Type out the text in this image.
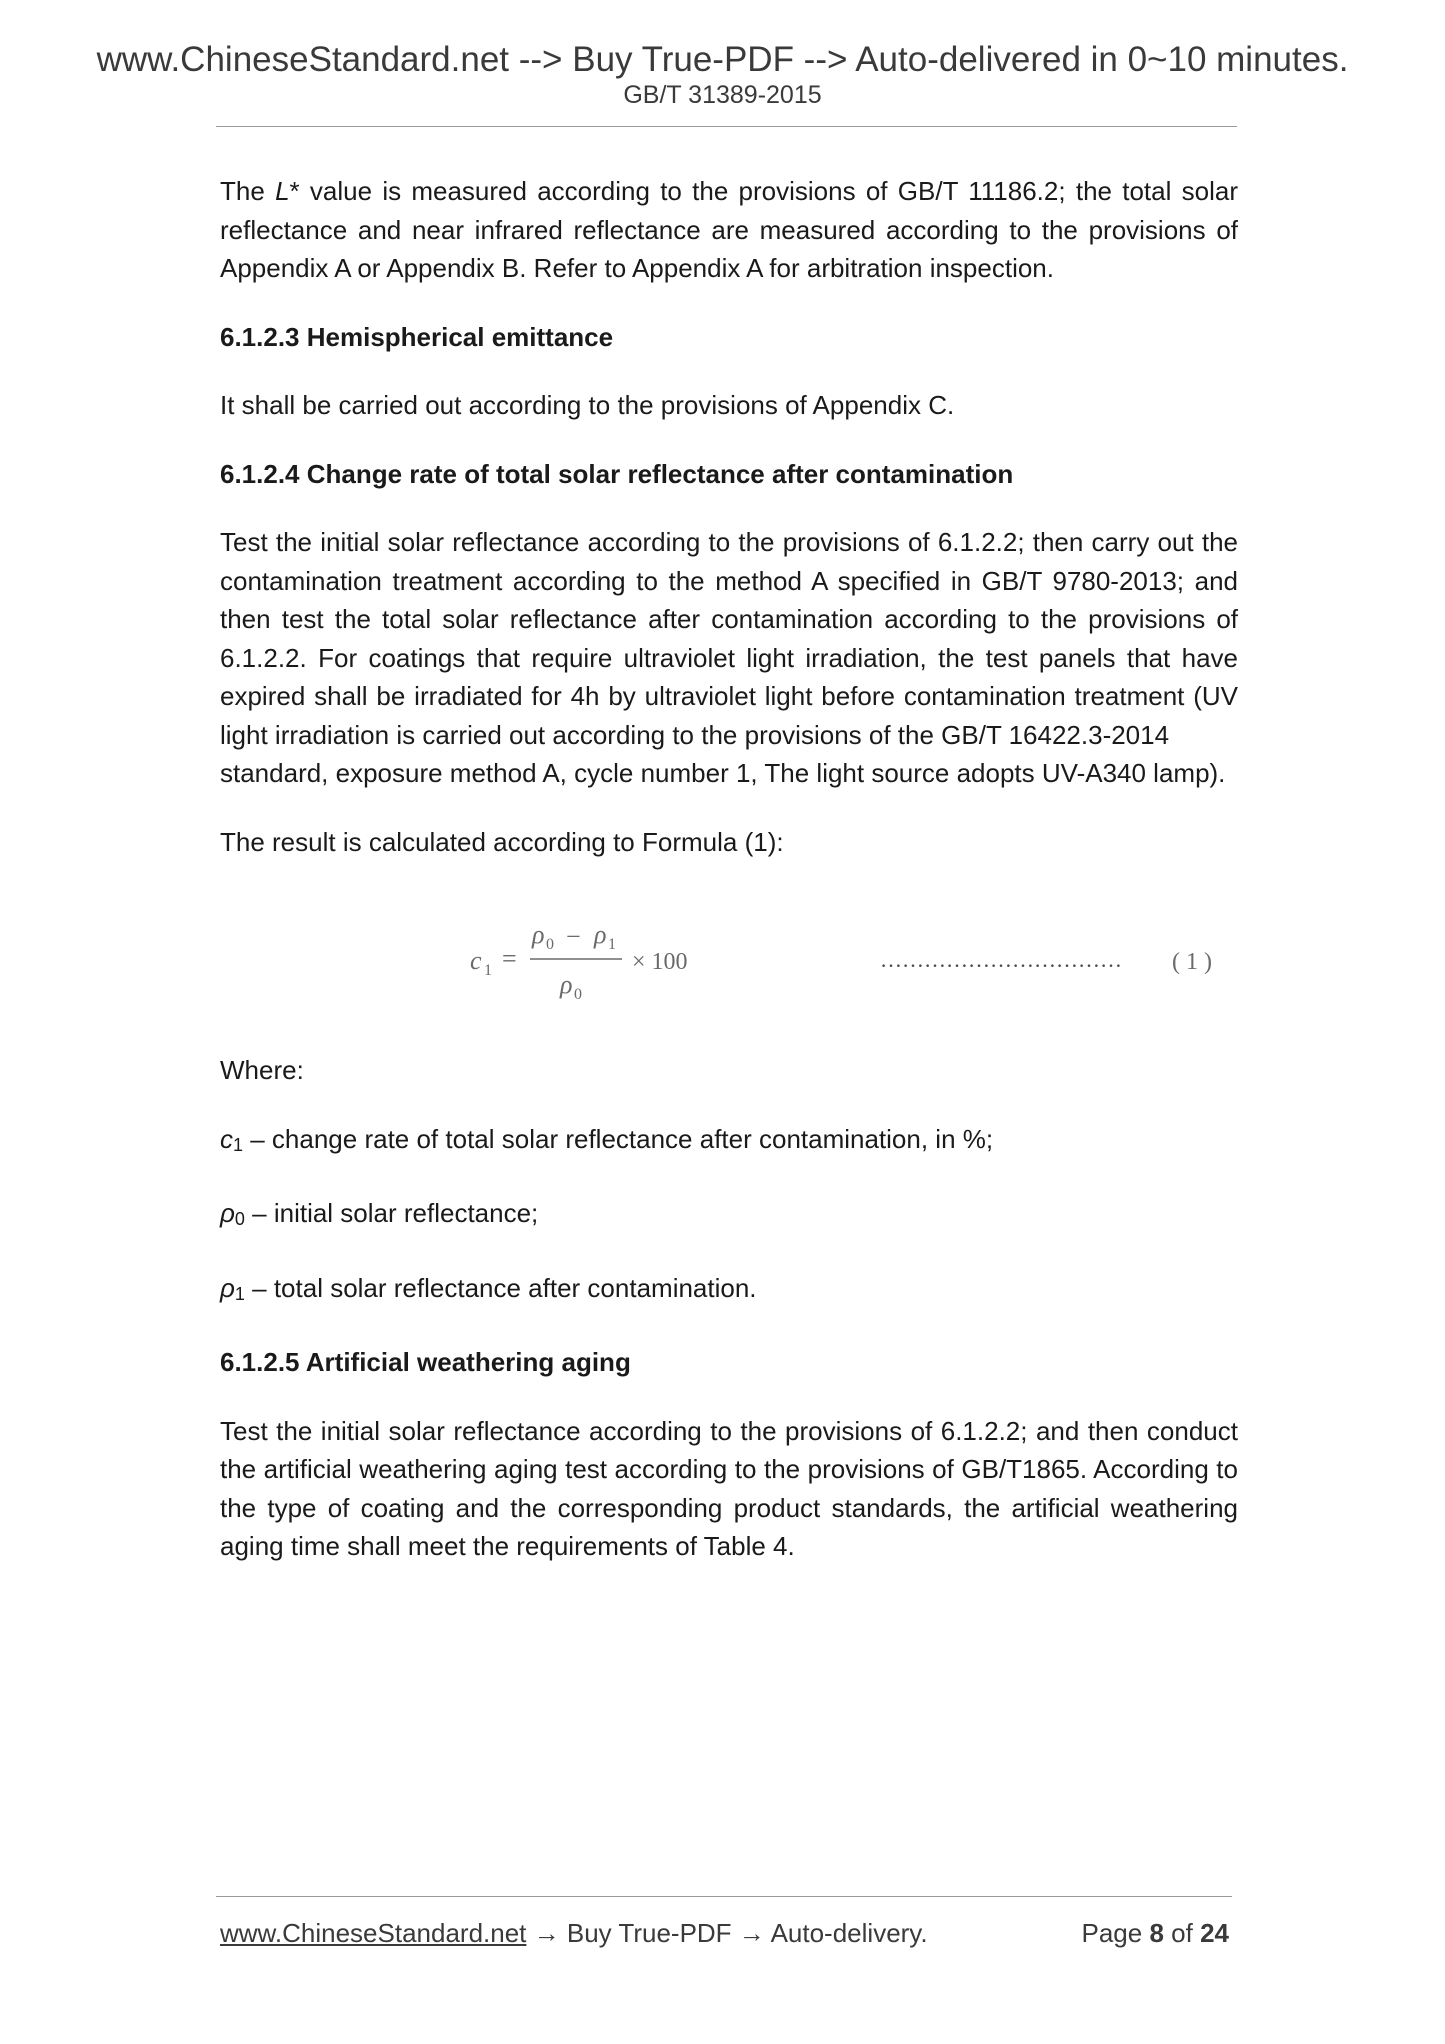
www.ChineseStandard.net --> Buy True-PDF --> Auto-delivered in 0~10 minutes.
GB/T 31389-2015

The L* value is measured according to the provisions of GB/T 11186.2; the total solar reflectance and near infrared reflectance are measured according to the provisions of Appendix A or Appendix B. Refer to Appendix A for arbitration inspection.

6.1.2.3 Hemispherical emittance

It shall be carried out according to the provisions of Appendix C.

6.1.2.4 Change rate of total solar reflectance after contamination

Test the initial solar reflectance according to the provisions of 6.1.2.2; then carry out the contamination treatment according to the method A specified in GB/T 9780-2013; and then test the total solar reflectance after contamination according to the provisions of 6.1.2.2. For coatings that require ultraviolet light irradiation, the test panels that have expired shall be irradiated for 4h by ultraviolet light before contamination treatment (UV light irradiation is carried out according to the provisions of the GB/T 16422.3-2014

standard, exposure method A, cycle number 1, The light source adopts UV-A340 lamp).

The result is calculated according to Formula (1):

c 1 =
ρ 0 − ρ 1
ρ 0
× 100	…………………………… ( 1 )

Where:

$c_1$ – change rate of total solar reflectance after contamination, in %;

$\rho_0$ – initial solar reflectance;

$\rho_1$ – total solar reflectance after contamination.

6.1.2.5 Artificial weathering aging

Test the initial solar reflectance according to the provisions of 6.1.2.2; and then conduct the artificial weathering aging test according to the provisions of GB/T1865. According to the type of coating and the corresponding product standards, the artificial weathering aging time shall meet the requirements of Table 4.

www.ChineseStandard.net → Buy True-PDF → Auto-delivery.	Page 8 of 24
